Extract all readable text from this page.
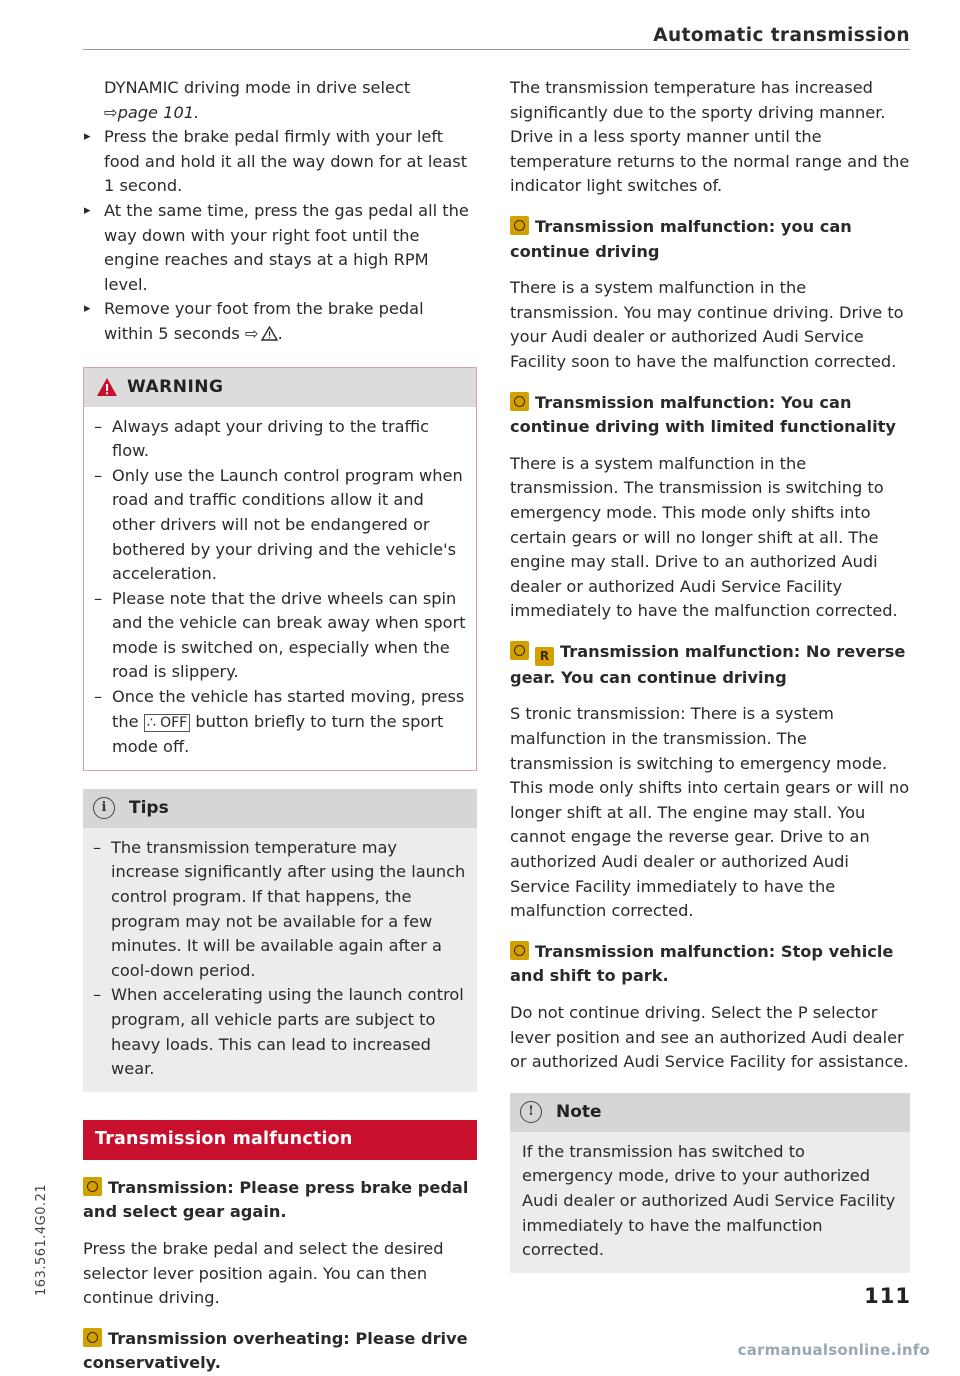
Automatic transmission

DYNAMIC driving mode in drive select

⇨page 101.

▸ Press the brake pedal firmly with your left food and hold it all the way down for at least 1 second.

▸ At the same time, press the gas pedal all the way down with your right foot until the engine reaches and stays at a high RPM level.

▸ Remove your foot from the brake pedal within 5 seconds ⇨ .

WARNING

– Always adapt your driving to the traffic flow.

– Only use the Launch control program when road and traffic conditions allow it and other drivers will not be endangered or bothered by your driving and the vehicle's acceleration.

– Please note that the drive wheels can spin and the vehicle can break away when sport mode is switched on, especially when the road is slippery.

– Once the vehicle has started moving, press the ∴ OFF button briefly to turn the sport mode off.

i	Tips

– The transmission temperature may increase significantly after using the launch control program. If that happens, the program may not be available for a few minutes. It will be available again after a cool-down period.

– When accelerating using the launch control program, all vehicle parts are subject to heavy loads. This can lead to increased wear.

Transmission malfunction

Transmission: Please press brake pedal and select gear again.

Press the brake pedal and select the desired selector lever position again. You can then continue driving.

Transmission overheating: Please drive conservatively.

The transmission temperature has increased significantly due to the sporty driving manner. Drive in a less sporty manner until the temperature returns to the normal range and the indicator light switches of.

Transmission malfunction: you can continue driving

There is a system malfunction in the transmission. You may continue driving. Drive to your Audi dealer or authorized Audi Service Facility soon to have the malfunction corrected.

Transmission malfunction: You can continue driving with limited functionality

There is a system malfunction in the transmission. The transmission is switching to emergency mode. This mode only shifts into certain gears or will no longer shift at all. The engine may stall. Drive to an authorized Audi dealer or authorized Audi Service Facility immediately to have the malfunction corrected.

R Transmission malfunction: No reverse gear. You can continue driving

S tronic transmission: There is a system malfunction in the transmission. The transmission is switching to emergency mode. This mode only shifts into certain gears or will no longer shift at all. The engine may stall. You cannot engage the reverse gear. Drive to an authorized Audi dealer or authorized Audi Service Facility immediately to have the malfunction corrected.

Transmission malfunction: Stop vehicle and shift to park.

Do not continue driving. Select the P selector lever position and see an authorized Audi dealer or authorized Audi Service Facility for assistance.

!	Note

If the transmission has switched to emergency mode, drive to your authorized Audi dealer or authorized Audi Service Facility immediately to have the malfunction corrected.

163.561.4G0.21	111
carmanualsonline.info
